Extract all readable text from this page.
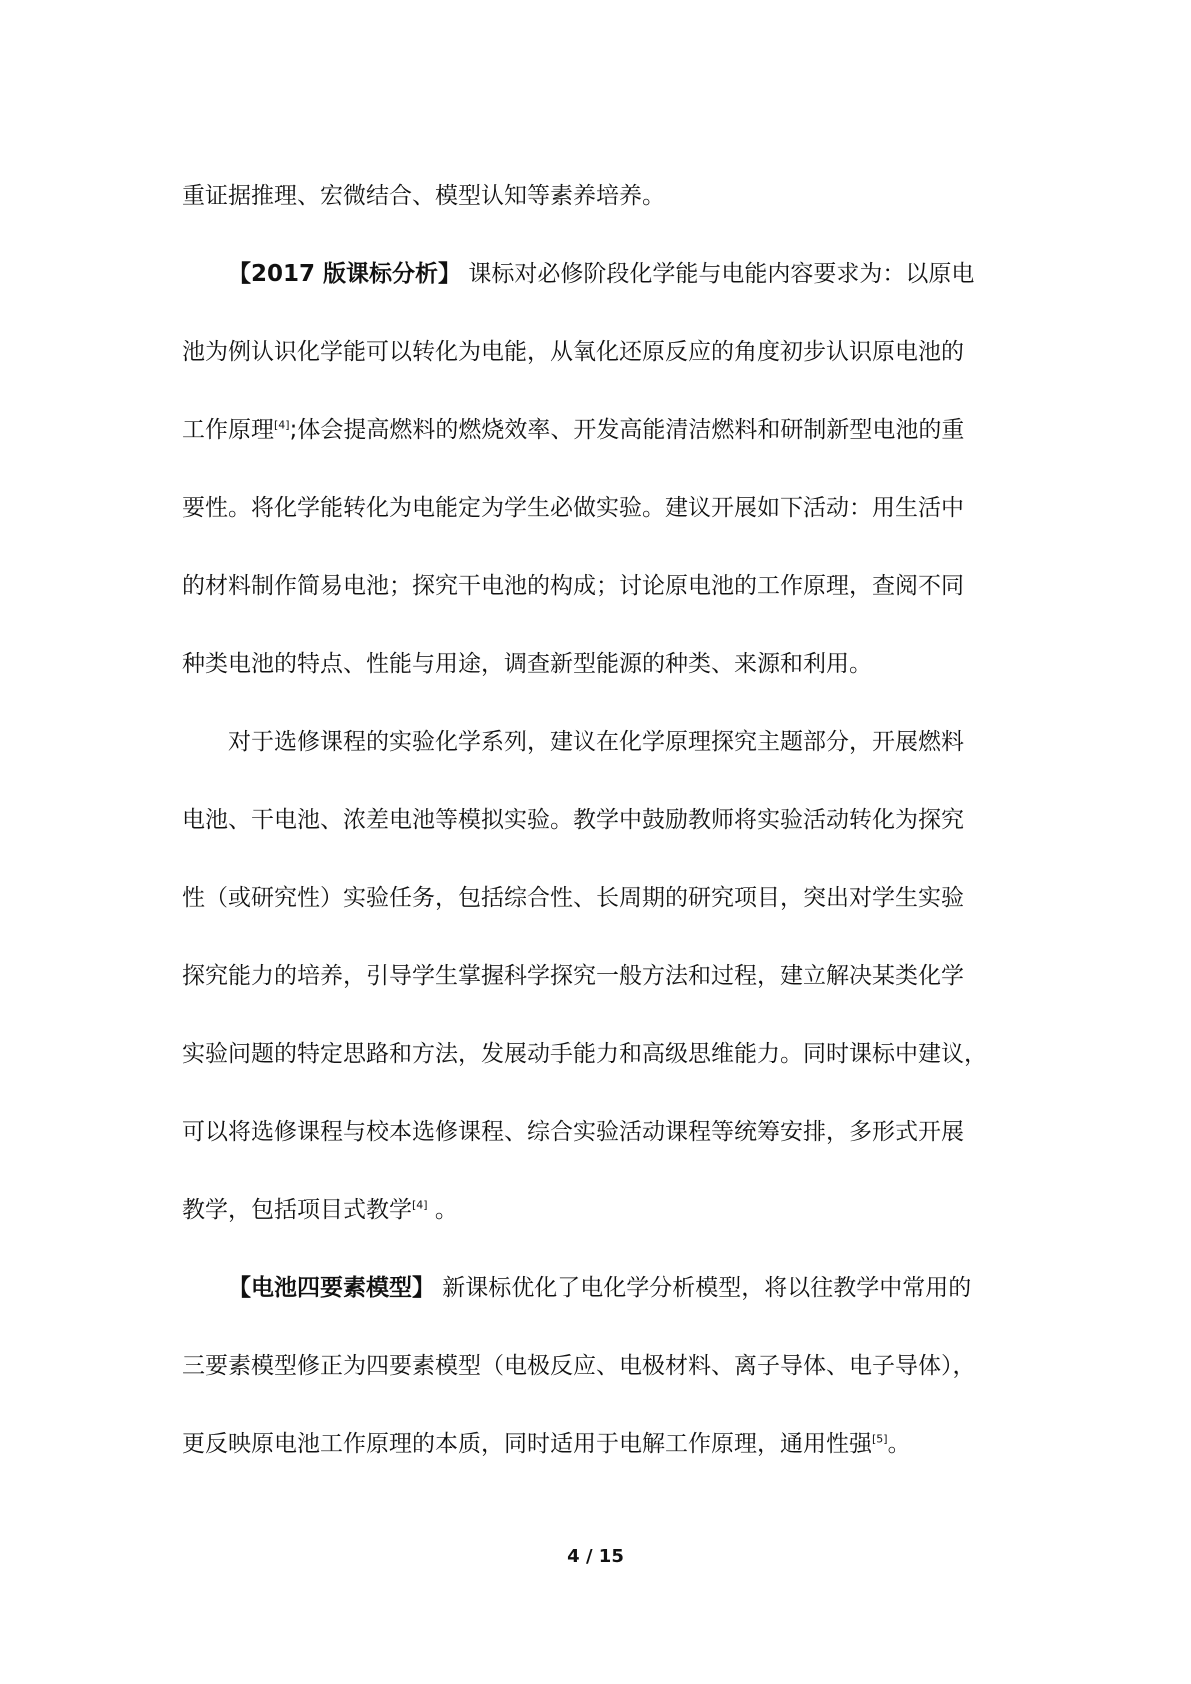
重证据推理、宏微结合、模型认知等素养培养。
【2017 版课标分析】 课标对必修阶段化学能与电能内容要求为：以原电
池为例认识化学能可以转化为电能，从氧化还原反应的角度初步认识原电池的
工作原理[4];体会提高燃料的燃烧效率、开发高能清洁燃料和研制新型电池的重
要性。将化学能转化为电能定为学生必做实验。建议开展如下活动：用生活中
的材料制作简易电池；探究干电池的构成；讨论原电池的工作原理，查阅不同
种类电池的特点、性能与用途，调查新型能源的种类、来源和利用。
对于选修课程的实验化学系列，建议在化学原理探究主题部分，开展燃料
电池、干电池、浓差电池等模拟实验。教学中鼓励教师将实验活动转化为探究
性（或研究性）实验任务，包括综合性、长周期的研究项目，突出对学生实验
探究能力的培养，引导学生掌握科学探究一般方法和过程，建立解决某类化学
实验问题的特定思路和方法，发展动手能力和高级思维能力。同时课标中建议，
可以将选修课程与校本选修课程、综合实验活动课程等统筹安排，多形式开展
教学，包括项目式教学[4] 。
【电池四要素模型】 新课标优化了电化学分析模型，将以往教学中常用的
三要素模型修正为四要素模型（电极反应、电极材料、离子导体、电子导体），
更反映原电池工作原理的本质，同时适用于电解工作原理，通用性强[5]。
4 / 15
